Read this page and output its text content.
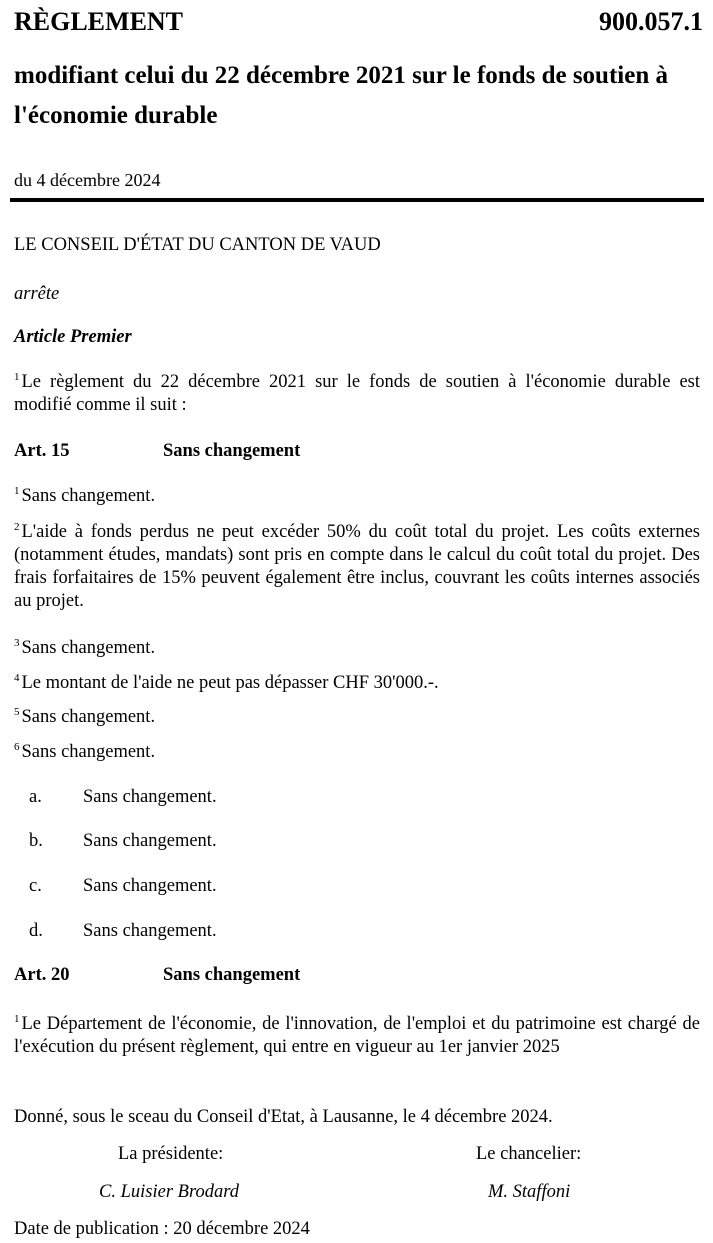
RÈGLEMENT	900.057.1
modifiant celui du 22 décembre 2021 sur le fonds de soutien à l'économie durable
du 4 décembre 2024
LE CONSEIL D'ÉTAT DU CANTON DE VAUD
arrête
Article Premier
$^1$ Le règlement du 22 décembre 2021 sur le fonds de soutien à l'économie durable est modifié comme il suit :
Art. 15	Sans changement
$^1$ Sans changement.
$^2$ L'aide à fonds perdus ne peut excéder 50% du coût total du projet. Les coûts externes (notamment études, mandats) sont pris en compte dans le calcul du coût total du projet. Des frais forfaitaires de 15% peuvent également être inclus, couvrant les coûts internes associés au projet.
$^3$ Sans changement.
$^4$ Le montant de l'aide ne peut pas dépasser CHF 30'000.-.
$^5$ Sans changement.
$^6$ Sans changement.
a. Sans changement.
b. Sans changement.
c. Sans changement.
d. Sans changement.
Art. 20	Sans changement
$^1$ Le Département de l'économie, de l'innovation, de l'emploi et du patrimoine est chargé de l'exécution du présent règlement, qui entre en vigueur au 1er janvier 2025
Donné, sous le sceau du Conseil d'Etat, à Lausanne, le 4 décembre 2024.
La présidente:	Le chancelier:
C. Luisier Brodard	M. Staffoni
Date de publication : 20 décembre 2024
